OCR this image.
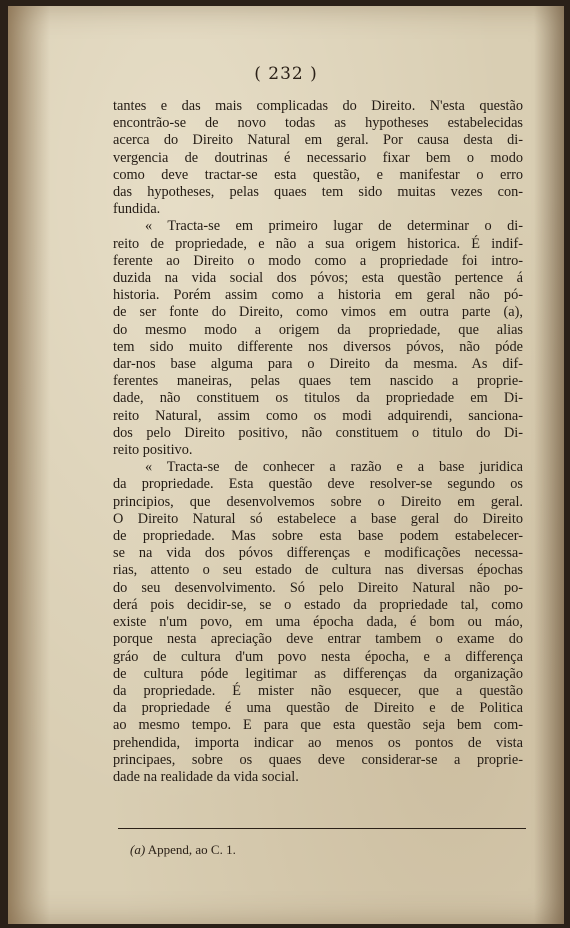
( 232 )
tantes e das mais complicadas do Direito. N'esta questão
encontrão-se de novo todas as hypotheses estabelecidas
acerca do Direito Natural em geral. Por causa desta di-
vergencia de doutrinas é necessario fixar bem o modo
como deve tractar-se esta questão, e manifestar o erro
das hypotheses, pelas quaes tem sido muitas vezes con-
fundida.
« Tracta-se em primeiro lugar de determinar o di-
reito de propriedade, e não a sua origem historica. É indif-
ferente ao Direito o modo como a propriedade foi intro-
duzida na vida social dos póvos; esta questão pertence á
historia. Porém assim como a historia em geral não pó-
de ser fonte do Direito, como vimos em outra parte (a),
do mesmo modo a origem da propriedade, que alias
tem sido muito differente nos diversos póvos, não póde
dar-nos base alguma para o Direito da mesma. As dif-
ferentes maneiras, pelas quaes tem nascido a proprie-
dade, não constituem os titulos da propriedade em Di-
reito Natural, assim como os modi adquirendi, sanciona-
dos pelo Direito positivo, não constituem o titulo do Di-
reito positivo.
« Tracta-se de conhecer a razão e a base juridica
da propriedade. Esta questão deve resolver-se segundo os
principios, que desenvolvemos sobre o Direito em geral.
O Direito Natural só estabelece a base geral do Direito
de propriedade. Mas sobre esta base podem estabelecer-
se na vida dos póvos differenças e modificações necessa-
rias, attento o seu estado de cultura nas diversas épochas
do seu desenvolvimento. Só pelo Direito Natural não po-
derá pois decidir-se, se o estado da propriedade tal, como
existe n'um povo, em uma épocha dada, é bom ou máo,
porque nesta apreciação deve entrar tambem o exame do
gráo de cultura d'um povo nesta épocha, e a differença
de cultura póde legitimar as differenças da organização
da propriedade. É mister não esquecer, que a questão
da propriedade é uma questão de Direito e de Politica
ao mesmo tempo. E para que esta questão seja bem com-
prehendida, importa indicar ao menos os pontos de vista
principaes, sobre os quaes deve considerar-se a proprie-
dade na realidade da vida social.
(a) Append, ao C. 1.
